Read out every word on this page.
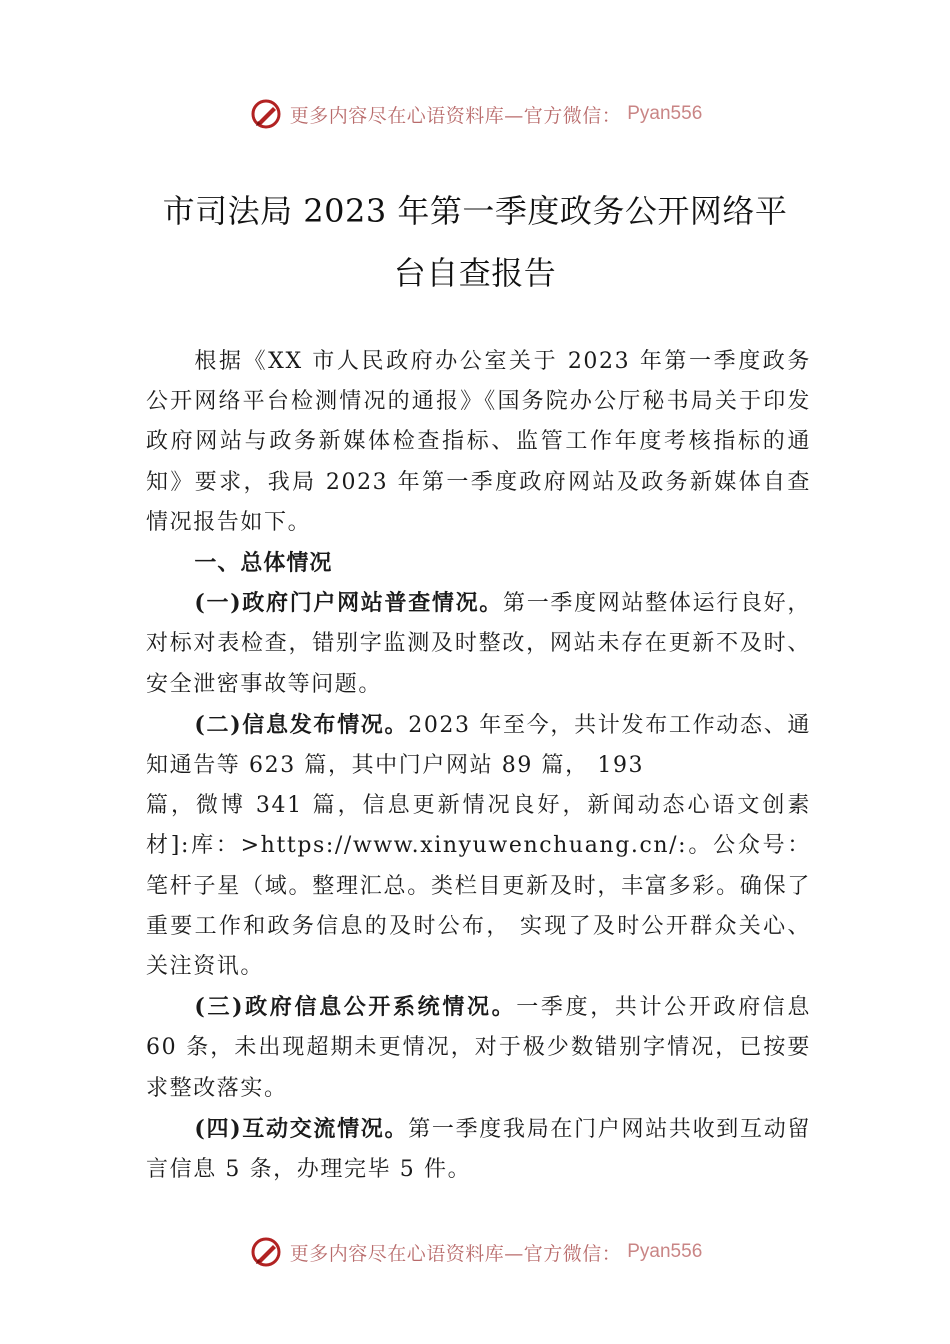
更多内容尽在心语资料库—官方微信： Pyan556
市司法局 2023 年第一季度政务公开网络平
台自查报告

根据《XX 市人民政府办公室关于 2023 年第一季度政务公开网络平台检测情况的通报》《国务院办公厅秘书局关于印发政府网站与政务新媒体检查指标、监管工作年度考核指标的通知》要求，我局 2023 年第一季度政府网站及政务新媒体自查情况报告如下。

一、总体情况

(一)政府门户网站普查情况。第一季度网站整体运行良好，对标对表检查，错别字监测及时整改，网站未存在更新不及时、安全泄密事故等问题。

(二)信息发布情况。2023 年至今，共计发布工作动态、通知通告等 623 篇，其中门户网站 89 篇， 193

篇，微博 341 篇，信息更新情况良好，新闻动态心语文创素材]:库：>https://www.xinyuwenchuang.cn/:。公众号：笔杆子星（域。整理汇总。类栏目更新及时，丰富多彩。确保了重要工作和政务信息的及时公布， 实现了及时公开群众关心、关注资讯。

(三)政府信息公开系统情况。一季度，共计公开政府信息 60 条，未出现超期未更情况，对于极少数错别字情况，已按要求整改落实。

(四)互动交流情况。第一季度我局在门户网站共收到互动留言信息 5 条，办理完毕 5 件。

更多内容尽在心语资料库—官方微信： Pyan556
